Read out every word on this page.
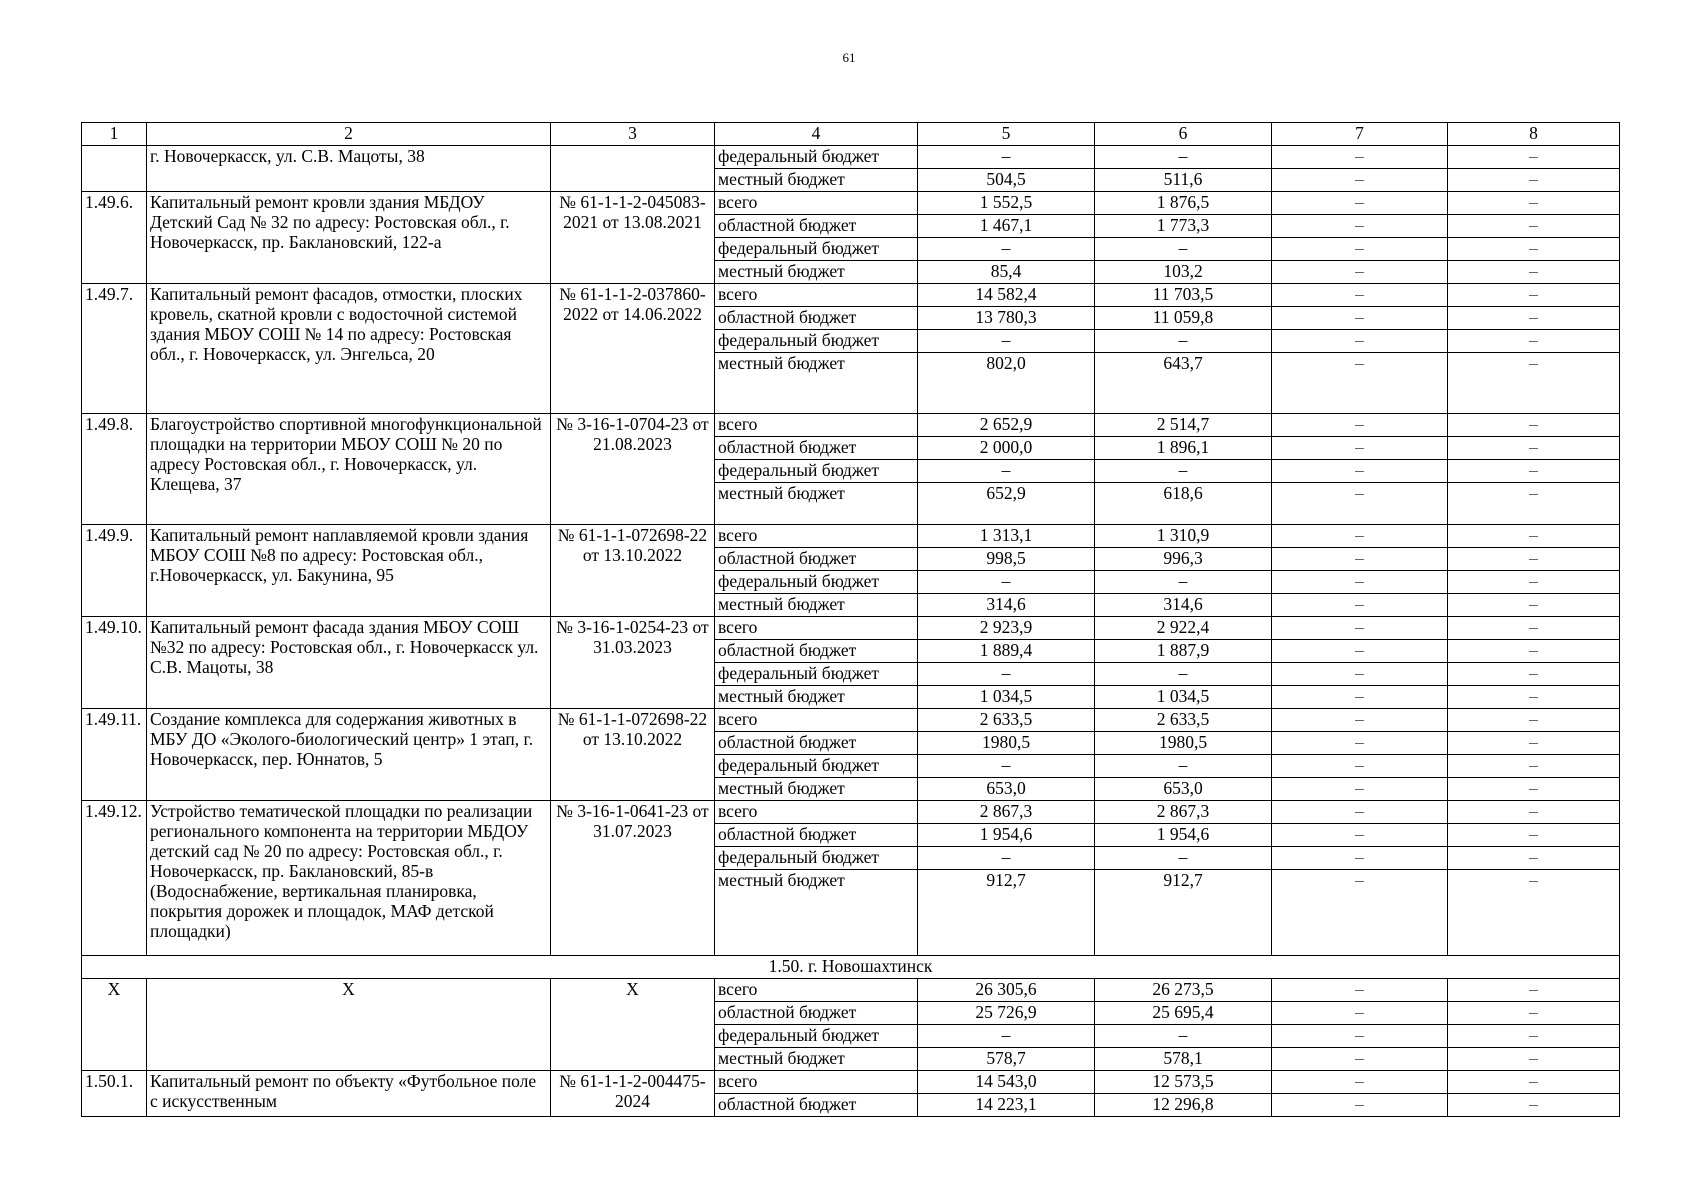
61
1	2	3	4	5	6	7	8
	г. Новочеркасск, ул. С.В. Мацоты, 38		федеральный бюджет	–	–	–	–
			местный бюджет	504,5	511,6	–	–
1.49.6.	Капитальный ремонт кровли здания МБДОУ Детский Сад № 32 по адресу: Ростовская обл., г. Новочеркасск, пр. Баклановский, 122-а	№ 61-1-1-2-045083-2021 от 13.08.2021	всего	1 552,5	1 876,5	–	–
			областной бюджет	1 467,1	1 773,3	–	–
			федеральный бюджет	–	–	–	–
			местный бюджет	85,4	103,2	–	–
1.49.7.	Капитальный ремонт фасадов, отмостки, плоских кровель, скатной кровли с водосточной системой здания МБОУ СОШ № 14 по адресу: Ростовская обл., г. Новочеркасск, ул. Энгельса, 20	№ 61-1-1-2-037860-2022 от 14.06.2022	всего	14 582,4	11 703,5	–	–
			областной бюджет	13 780,3	11 059,8	–	–
			федеральный бюджет	–	–	–	–
			местный бюджет	802,0	643,7	–	–
1.49.8.	Благоустройство спортивной многофункциональной площадки на территории МБОУ СОШ № 20 по адресу Ростовская обл., г. Новочеркасск, ул. Клещева, 37	№ 3-16-1-0704-23 от 21.08.2023	всего	2 652,9	2 514,7	–	–
			областной бюджет	2 000,0	1 896,1	–	–
			федеральный бюджет	–	–	–	–
			местный бюджет	652,9	618,6	–	–
1.49.9.	Капитальный ремонт наплавляемой кровли здания МБОУ СОШ №8 по адресу: Ростовская обл., г.Новочеркасск, ул. Бакунина, 95	№ 61-1-1-072698-22 от 13.10.2022	всего	1 313,1	1 310,9	–	–
			областной бюджет	998,5	996,3	–	–
			федеральный бюджет	–	–	–	–
			местный бюджет	314,6	314,6	–	–
1.49.10.	Капитальный ремонт фасада здания МБОУ СОШ №32 по адресу: Ростовская обл., г. Новочеркасск ул. С.В. Мацоты, 38	№ 3-16-1-0254-23 от 31.03.2023	всего	2 923,9	2 922,4	–	–
			областной бюджет	1 889,4	1 887,9	–	–
			федеральный бюджет	–	–	–	–
			местный бюджет	1 034,5	1 034,5	–	–
1.49.11.	Создание комплекса для содержания животных в МБУ ДО «Эколого-биологический центр» 1 этап, г. Новочеркасск, пер. Юннатов, 5	№ 61-1-1-072698-22 от 13.10.2022	всего	2 633,5	2 633,5	–	–
			областной бюджет	1980,5	1980,5	–	–
			федеральный бюджет	–	–	–	–
			местный бюджет	653,0	653,0	–	–
1.49.12.	Устройство тематической площадки по реализации регионального компонента на территории МБДОУ детский сад № 20 по адресу: Ростовская обл., г. Новочеркасск, пр. Баклановский, 85-в (Водоснабжение, вертикальная планировка, покрытия дорожек и площадок, МАФ детской площадки)	№ 3-16-1-0641-23 от 31.07.2023	всего	2 867,3	2 867,3	–	–
			областной бюджет	1 954,6	1 954,6	–	–
			федеральный бюджет	–	–	–	–
			местный бюджет	912,7	912,7	–	–
1.50. г. Новошахтинск							
Х	Х	Х	всего	26 305,6	26 273,5	–	–
			областной бюджет	25 726,9	25 695,4	–	–
			федеральный бюджет	–	–	–	–
			местный бюджет	578,7	578,1	–	–
1.50.1.	Капитальный ремонт по объекту «Футбольное поле с искусственным	№ 61-1-1-2-004475-2024	всего	14 543,0	12 573,5	–	–
			областной бюджет	14 223,1	12 296,8	–	–
